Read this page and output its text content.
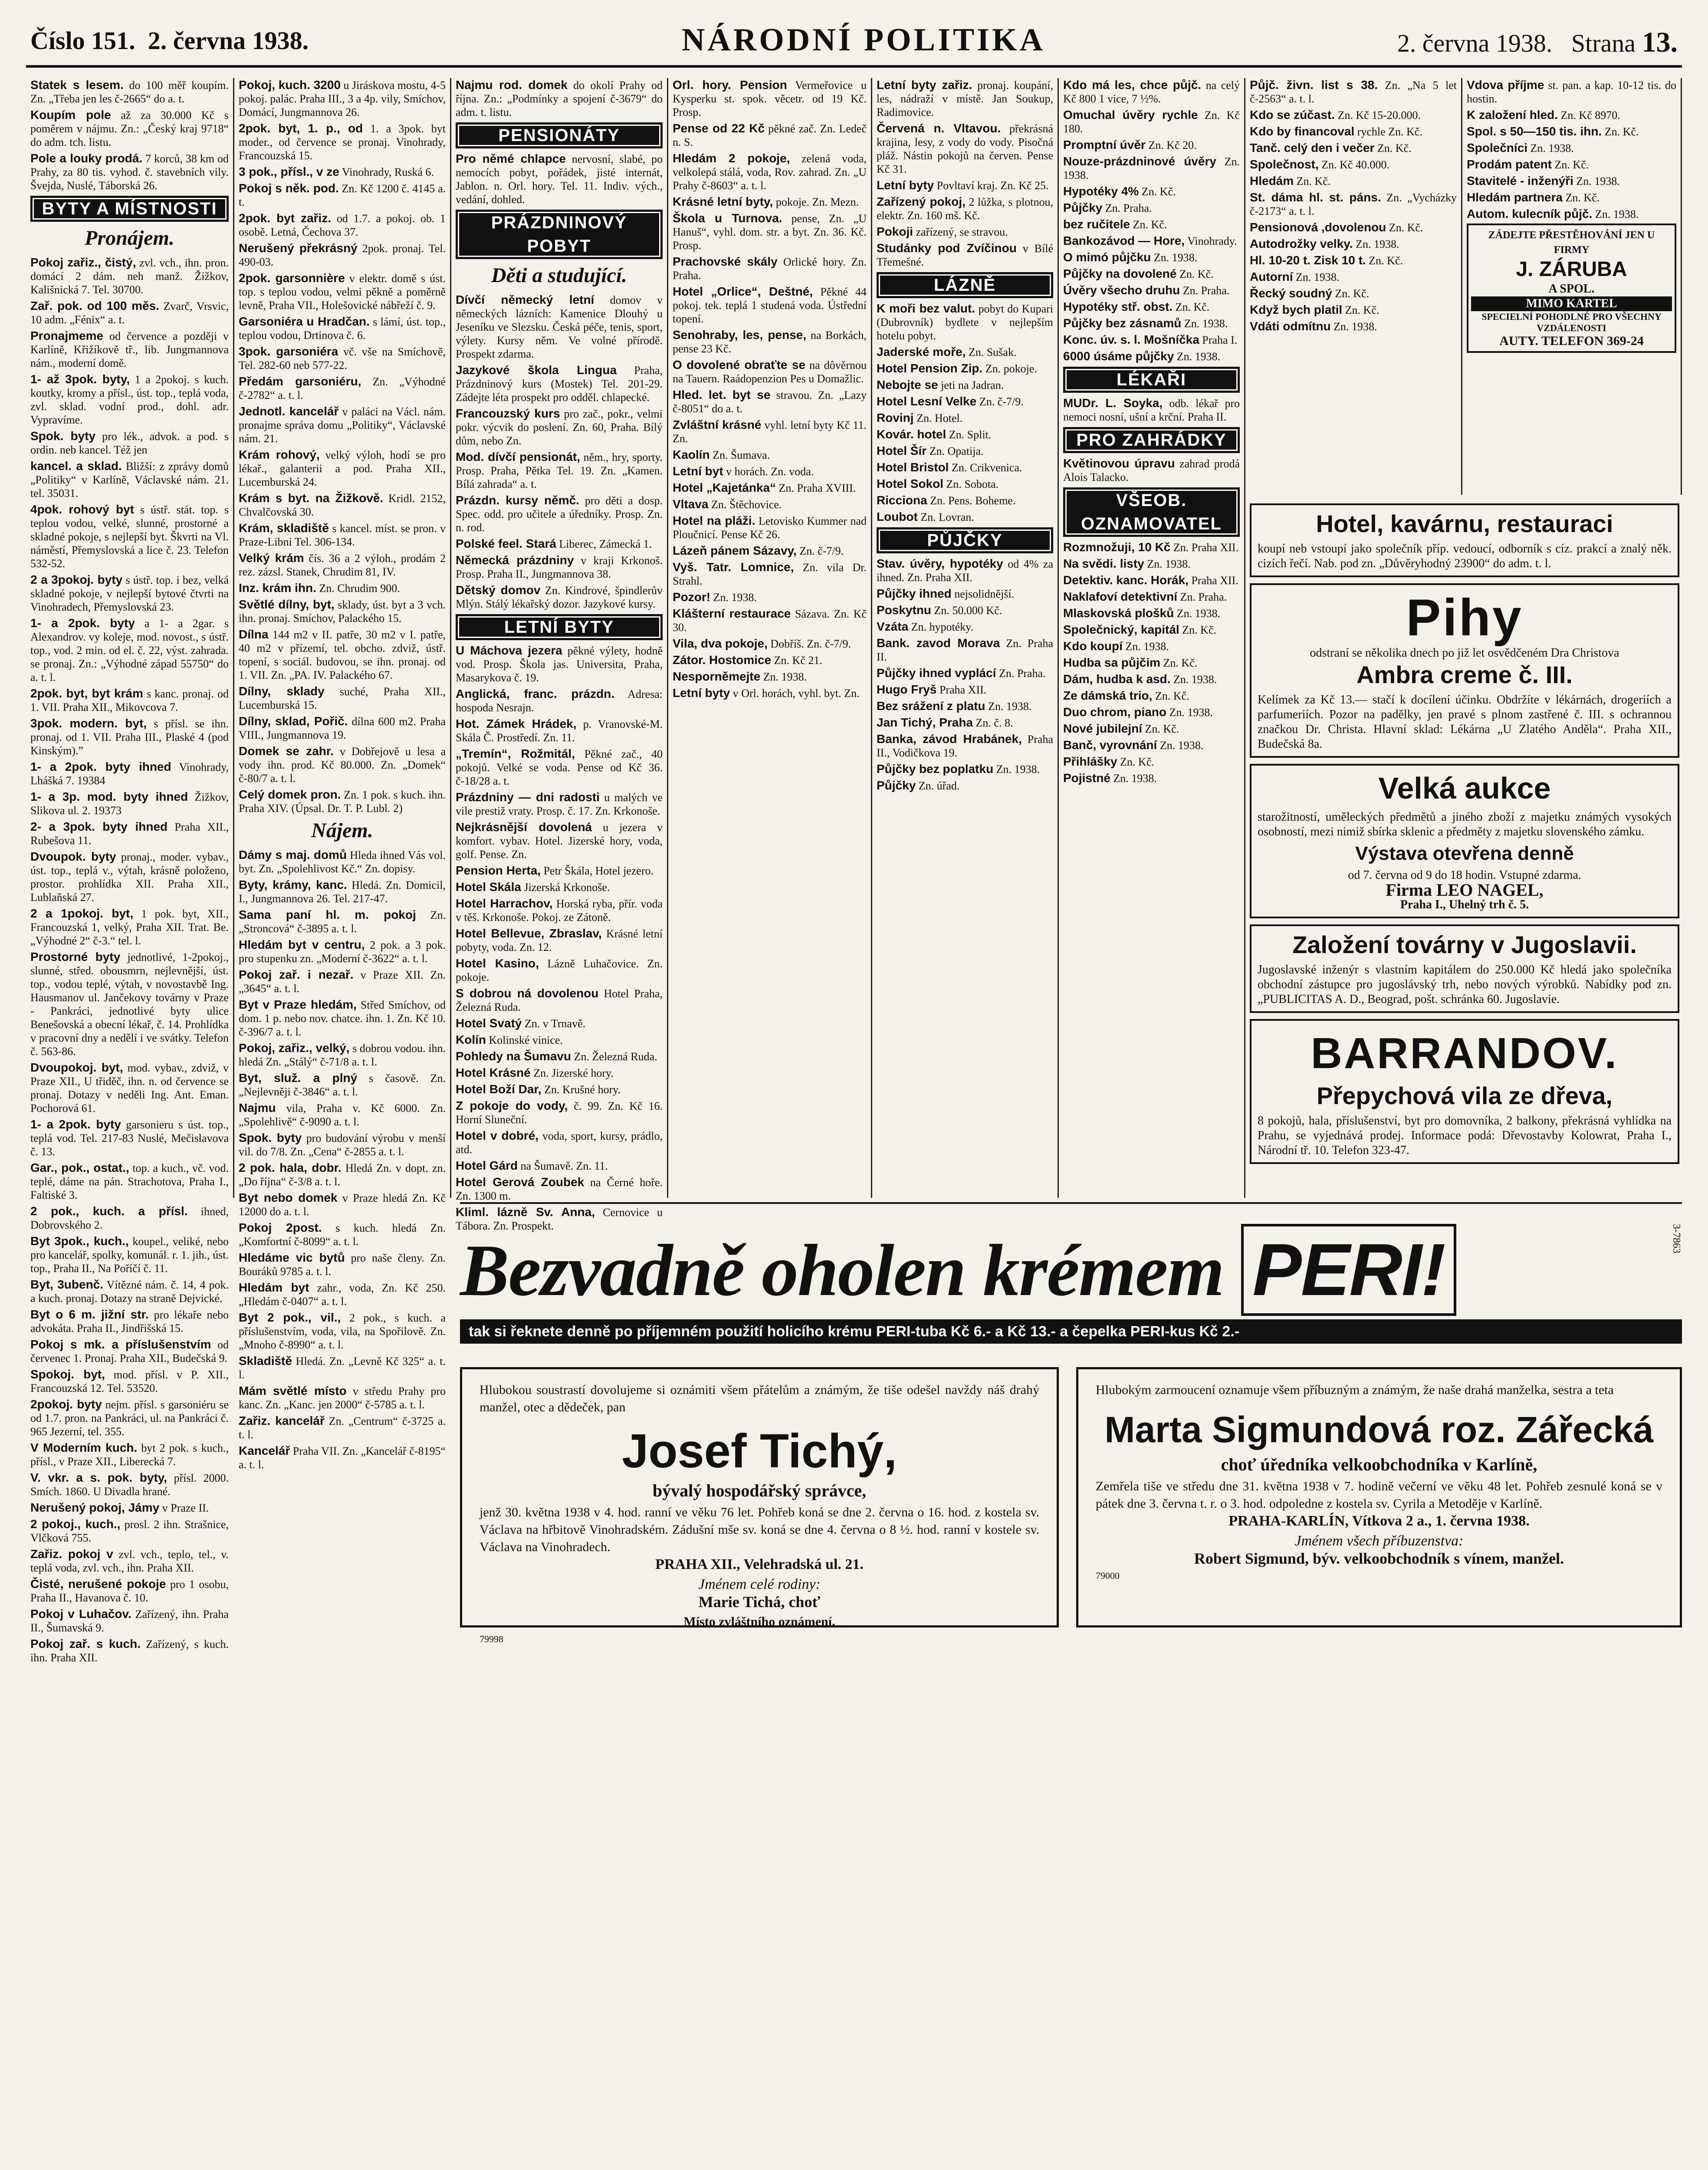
Číslo 151. 2. června 1938.	NÁRODNÍ POLITIKA	2. června 1938. Strana 13.
Statek s lesem. do 100 měř koupím. Zn. „Třeba jen les č-2665“ do a. t.
Koupím pole až za 30.000 Kč s poměrem v nájmu. Zn.: „Český kraj 9718“ do adm. tch. listu.
Pole a louky prodá. 7 korců, 38 km od Prahy, za 80 tis. vyhod. č. stavebních vily. Švejda, Nuslé, Táborská 26.
BYTY A MÍSTNOSTI
Pronájem.
Pokoj zařiz., čistý, zvl. vch., ihn. pron. domácí 2 dám. neh manž. Žižkov, Kališnická 7. Tel. 30700.
Zař. pok. od 100 měs. Zvarč, Vrsvic, 10 adm. „Fénix“ a. t.
Pronajmeme od července a později v Karlíně, Křižíkově tř., lib. Jungmannova nám., moderní domě.
1- až 3pok. byty, 1 a 2pokoj. s kuch. koutky, kromy a přísl., úst. top., teplá voda, zvl. sklad. vodní prod., dohl. adr. Vypravíme.
Spok. byty pro lék., advok. a pod. s ordin. neb kancel. Též jen
kancel. a sklad. Bližší: z zprávy domů „Politiky“ v Karlíně, Václavské nám. 21. tel. 35031.
4pok. rohový byt s ústř. stát. top. s teplou vodou, velké, slunné, prostorné a skladné pokoje, s nejlepší byt. Škvrti na Vl. náměstí, Přemyslovská a lice č. 23. Telefon 532-52.
2 a 3pokoj. byty s ústř. top. i bez, velká skladné pokoje, v nejlepší bytové čtvrti na Vinohradech, Přemyslovská 23.
1- a 2pok. byty a 1- a 2gar. s Alexandrov. vy koleje, mod. novost., s ústř. top., vod. 2 min. od el. č. 22, výst. zahrada. se pronaj. Zn.: „Výhodné západ 55750“ do a. t. l.
2pok. byt, byt krám s kanc. pronaj. od 1. VII. Praha XII., Mikovcova 7.
3pok. modern. byt, s přísl. se ihn. pronaj. od 1. VII. Praha III., Plaské 4 (pod Kinským).”
1- a 2pok. byty ihned Vinohrady, Lhášká 7. 19384
1- a 3p. mod. byty ihned Žižkov, Slikova ul. 2. 19373
2- a 3pok. byty ihned Praha XII., Rubešova 11.
Dvoupok. byty pronaj., moder. vybav., úst. top., teplá v., výtah, krásně položeno, prostor. prohlídka XII. Praha XII., Lublaňská 27.
2 a 1pokoj. byt, 1 pok. byt, XII., Francouzská 1, velký, Praha XII. Trat. Be. „Výhodné 2“ č-3.“ tel. l.
Prostorné byty jednotlivé, 1-2pokoj., slunné, střed. obousmrn, nejlevnější, úst. top., vodou teplé, výtah, v novostavbě Ing. Hausmanov ul. Jančekovy továrny v Praze - Pankráci, jednotlivé byty ulice Benešovská a obecní lékař, č. 14. Prohlídka v pracovní dny a nedělí i ve svátky. Telefon č. 563-86.
Dvoupokoj. byt, mod. vybav., zdviž, v Praze XII., U třiděč, ihn. n. od července se pronaj. Dotazy v neděli Ing. Ant. Eman. Pochorová 61.
1- a 2pok. byty garsonieru s úst. top., teplá vod. Tel. 217-83 Nuslé, Mečislavova č. 13.
Gar., pok., ostat., top. a kuch., vč. vod. teplé, dáme na pán. Strachotova, Praha I., Faltiské 3.
2 pok., kuch. a přísl. ihned, Dobrovského 2.
Byt 3pok., kuch., koupel., veliké, nebo pro kancelář, spolky, komunál. r. 1. jih., úst. top., Praha II., Na Poříčí č. 11.
Byt, 3ubenč. Vítězné nám. č. 14, 4 pok. a kuch. pronaj. Dotazy na straně Dejvické.
Byt o 6 m. jižní str. pro lékaře nebo advokáta. Praha II., Jindřišská 15.
Pokoj s mk. a příslušenstvím od červenec 1. Pronaj. Praha XII., Budečská 9.
Spokoj. byt, mod. přísl. v P. XII., Francouzská 12. Tel. 53520.
2pokoj. byty nejm. přísl. s garsoniéru se od 1.7. pron. na Pankráci, ul. na Pankráci č. 965 Jezerní, tel. 355.
V Moderním kuch. byt 2 pok. s kuch., přísl., v Praze XII., Liberecká 7.
V. vkr. a s. pok. byty, přísl. 2000. Smích. 1860. U Divadla hrané.
Nerušený pokoj, Jámy v Praze II.
2 pokoj., kuch., prosl. 2 ihn. Strašnice, Vlčková 755.
Zařiz. pokoj v zvl. vch., teplo, tel., v. teplá voda, zvl. vch., ihn. Praha XII.
Čisté, nerušené pokoje pro 1 osobu, Praha II., Havanova č. 10.
Pokoj v Luhačov. Zařízený, ihn. Praha II., Šumavská 9.
Pokoj zař. s kuch. Zařízený, s kuch. ihn. Praha XII.
Pokoj, kuch. 3200 u Jiráskova mostu, 4-5 pokoj. palác. Praha III., 3 a 4p. vily, Smíchov, Domácí, Jungmannova 26.
2pok. byt, 1. p., od 1. a 3pok. byt moder., od července se pronaj. Vinohrady, Francouzská 15.
3 pok., přísl., v ze Vinohrady, Ruská 6.
Pokoj s něk. pod. Zn. Kč 1200 č. 4145 a. t.
2pok. byt zařiz. od 1.7. a pokoj. ob. 1 osobě. Letná, Čechova 37.
Nerušený překrásný 2pok. pronaj. Tel. 490-03.
2pok. garsonnière v elektr. domě s úst. top. s teplou vodou, velmi pěkně a poměrně levně, Praha VII., Holešovické nábřeží č. 9.
Garsoniéra u Hradčan. s lámí, úst. top., teplou vodou, Drtinova č. 6.
3pok. garsoniéra vč. vše na Smíchově, Tel. 282-60 neb 577-22.
Předám garsoniéru, Zn. „Výhodné č-2782“ a. t. l.
Jednotl. kancelář v paláci na Václ. nám. pronajme správa domu „Politiky“, Václavské nám. 21.
Krám rohový, velký výloh, hodí se pro lékař., galanterii a pod. Praha XII., Lucemburská 24.
Krám s byt. na Žižkově. Kridl. 2152, Chvalčovská 30.
Krám, skladiště s kancel. míst. se pron. v Praze-Libni Tel. 306-134.
Velký krám čís. 36 a 2 výloh., prodám 2 rez. zázsl. Stanek, Chrudim 81, IV.
Inz. krám ihn. Zn. Chrudim 900.
Světlé dílny, byt, sklady, úst. byt a 3 vch. ihn. pronaj. Smíchov, Palackého 15.
Dílna 144 m2 v II. patře, 30 m2 v I. patře, 40 m2 v přízemí, tel. obcho. zdviž, ústř. topení, s sociál. budovou, se ihn. pronaj. od 1. VII. Zn. „PA. IV. Palackého 67.
Dílny, sklady suché, Praha XII., Lucemburská 15.
Dílny, sklad, Pořič. dílna 600 m2. Praha VIII., Jungmannova 19.
Domek se zahr. v Dobřejově u lesa a vody ihn. prod. Kč 80.000. Zn. „Domek“ č-80/7 a. t. l.
Celý domek pron. Zn. 1 pok. s kuch. ihn. Praha XIV. (Úpsal. Dr. T. P. Lubl. 2)
Nájem.
Dámy s maj. domů Hleda ihned Vás vol. byt. Zn. „Spolehlivost Kč.“ Zn. dopisy.
Byty, krámy, kanc. Hledá. Zn. Domicil, I., Jungmannova 26. Tel. 217-47.
Sama paní hl. m. pokoj Zn. „Stroncová“ č-3895 a. t. l.
Hledám byt v centru, 2 pok. a 3 pok. pro stupenku zn. „Moderní č-3622“ a. t. l.
Pokoj zař. i nezař. v Praze XII. Zn. „3645“ a. t. l.
Byt v Praze hledám, Střed Smíchov, od dom. 1 p. nebo nov. chatce. ihn. 1. Zn. Kč 10. č-396/7 a. t. l.
Pokoj, zařiz., velký, s dobrou vodou. ihn. hledá Zn. „Stálý“ č-71/8 a. t. l.
Byt, služ. a plný s časově. Zn. „Nejlevněji č-3846“ a. t. l.
Najmu vila, Praha v. Kč 6000. Zn. „Spolehlivě“ č-9090 a. t. l.
Spok. byty pro budování výrobu v menší vil. do 7/8. Zn. „Cena“ č-2855 a. t. l.
2 pok. hala, dobr. Hledá Zn. v dopt. zn. „Do října“ č-3/8 a. t. l.
Byt nebo domek v Praze hledá Zn. Kč 12000 do a. t. l.
Pokoj 2post. s kuch. hledá Zn. „Komfortní č-8099“ a. t. l.
Hledáme vic bytů pro naše členy. Zn. Bouráků 9785 a. t. l.
Hledám byt zahr., voda, Zn. Kč 250. „Hledám č-0407“ a. t. l.
Byt 2 pok., vil., 2 pok., s kuch. a příslušenstvím, voda, vila, na Spořilově. Zn. „Mnoho č-8990“ a. t. l.
Skladiště Hledá. Zn. „Levně Kč 325“ a. t. l.
Mám světlé místo v středu Prahy pro kanc. Zn. „Kanc. jen 2000“ č-5785 a. t. l.
Zařiz. kancelář Zn. „Centrum“ č-3725 a. t. l.
Kancelář Praha VII. Zn. „Kancelář č-8195“ a. t. l.
Najmu rod. domek do okolí Prahy od října. Zn.: „Podmínky a spojení č-3679“ do adm. t. listu.
PENSIONÁTY
Pro němé chlapce nervosní, slabé, po nemocích pobyt, pořádek, jisté internát, Jablon. n. Orl. hory. Tel. 11. Indiv. vých., vedání, dohled.
PRÁZDNINOVÝ POBYT
Děti a studující.
Dívčí německý letní domov v německých lázních: Kamenice Dlouhý u Jeseníku ve Slezsku. Česká péče, tenis, sport, výlety. Kursy něm. Ve volné přírodě. Prospekt zdarma.
Jazykové škola Lingua Praha, Prázdninový kurs (Mostek) Tel. 201-29. Zádejte léta prospekt pro odděl. chlapecké.
Francouzský kurs pro zač., pokr., velmi pokr. výcvik do poslení. Zn. 60, Praha. Bílý dům, nebo Zn.
Mod. dívčí pensionát, něm., hry, sporty. Prosp. Praha, Pětka Tel. 19. Zn. „Kamen. Bílá zahrada“ a. t.
Prázdn. kursy němč. pro děti a dosp. Spec. odd. pro učitele a úředníky. Prosp. Zn. n. rod.
Polské feel. Stará Liberec, Zámecká 1.
Německá prázdniny v kraji Krkonoš. Prosp. Praha II., Jungmannova 38.
Dětský domov Zn. Kindrové, špindlerův Mlýn. Stálý lékařský dozor. Jazykové kursy.
LETNÍ BYTY
U Máchova jezera pěkné výlety, hodně vod. Prosp. Škola jas. Universita, Praha, Masarykova č. 19.
Anglická, franc. prázdn. Adresa: hospoda Nesrajn.
Hot. Zámek Hrádek, p. Vranovské-M. Skála Č. Prostředí. Zn. 11.
„Tremín“, Rožmitál, Pěkné zač., 40 pokojů. Velké se voda. Pense od Kč 36. č-18/28 a. t.
Prázdniny — dni radosti u malých ve vile prestiž vraty. Prosp. č. 17. Zn. Krkonoše.
Nejkrásnější dovolená u jezera v komfort. vybav. Hotel. Jizerské hory, voda, golf. Pense. Zn.
Pension Herta, Petr Škála, Hotel jezero.
Hotel Skála Jizerská Krkonoše.
Hotel Harrachov, Horská ryba, přír. voda v těš. Krkonoše. Pokoj. ze Zátoně.
Hotel Bellevue, Zbraslav, Krásné letní pobyty, voda. Zn. 12.
Hotel Kasino, Lázně Luhačovice. Zn. pokoje.
S dobrou ná dovolenou Hotel Praha, Železná Ruda.
Hotel Svatý Zn. v Trnavě.
Kolín Kolinské vinice.
Pohledy na Šumavu Zn. Železná Ruda.
Hotel Krásné Zn. Jizerské hory.
Hotel Boží Dar, Zn. Krušné hory.
Z pokoje do vody, č. 99. Zn. Kč 16. Horní Sluneční.
Hotel v dobré, voda, sport, kursy, prádlo, atd.
Hotel Gárd na Šumavě. Zn. 11.
Hotel Gerová Zoubek na Černé hoře. Zn. 1300 m.
Kliml. lázně Sv. Anna, Cernovice u Tábora. Zn. Prospekt.
Orl. hory. Pension Vermeřovice u Kysperku st. spok. věcetr. od 19 Kč. Prosp.
Pense od 22 Kč pěkné zač. Zn. Ledeč n. S.
Hledám 2 pokoje, zelená voda, velkolepá stálá, voda, Rov. zahrad. Zn. „U Prahy č-8603“ a. t. l.
Krásné letní byty, pokoje. Zn. Mezn.
Škola u Turnova. pense, Zn. „U Hanuš“, vyhl. dom. str. a byt. Zn. 36. Kč. Prosp.
Prachovské skály Orlické hory. Zn. Praha.
Hotel „Orlice“, Deštné, Pěkné 44 pokoj. tek. teplá 1 studená voda. Ústřední topení.
Senohraby, les, pense, na Borkách, pense 23 Kč.
O dovolené obraťte se na dôvěrnou na Tauern. Raádopenzion Pes u Domažlic.
Hled. let. byt se stravou. Zn. „Lazy č-8051“ do a. t.
Zvláštní krásné vyhl. letní byty Kč 11. Zn.
Kaolín Zn. Šumava.
Letní byt v horách. Zn. voda.
Hotel „Kajetánka“ Zn. Praha XVIII.
Vltava Zn. Štěchovice.
Hotel na pláži. Letovisko Kummer nad Ploučnicí. Pense Kč 26.
Lázeň pánem Sázavy, Zn. č-7/9.
Vyš. Tatr. Lomnice, Zn. vila Dr. Strahl.
Pozor! Zn. 1938.
Klášterní restaurace Sázava. Zn. Kč 30.
Vila, dva pokoje, Dobříš. Zn. č-7/9.
Zátor. Hostomice Zn. Kč 21.
Nesporněmejte Zn. 1938.
Letní byty v Orl. horách, vyhl. byt. Zn.
Letní byty zařiz. pronaj. koupání, les, nádraží v místě. Jan Soukup, Radimovice.
Červená n. Vltavou. překrásná krajina, lesy, z vody do vody. Pisočná pláž. Nástin pokojů na červen. Pense Kč 31.
Letní byty Povltaví kraj. Zn. Kč 25.
Zařízený pokoj, 2 lůžka, s plotnou, elektr. Zn. 160 mš. Kč.
Pokoji zařízený, se stravou.
Studánky pod Zvíčinou v Bílé Třemešné.
LÁZNĚ
K moři bez valut. pobyt do Kupari (Dubrovník) bydlete v nejlepším hotelu pobyt.
Jaderské moře, Zn. Sušak.
Hotel Pension Zip. Zn. pokoje.
Nebojte se jeti na Jadran.
Hotel Lesní Velke Zn. č-7/9.
Rovinj Zn. Hotel.
Kovár. hotel Zn. Split.
Hotel Šír Zn. Opatija.
Hotel Bristol Zn. Crikvenica.
Hotel Sokol Zn. Sobota.
Ricciona Zn. Pens. Boheme.
Loubot Zn. Lovran.
PŮJČKY
Stav. úvěry, hypotéky od 4% za ihned. Zn. Praha XII.
Půjčky ihned nejsolidnější.
Poskytnu Zn. 50.000 Kč.
Vzáta Zn. hypotéky.
Bank. zavod Morava Zn. Praha II.
Půjčky ihned vyplácí Zn. Praha.
Hugo Fryš Praha XII.
Bez srážení z platu Zn. 1938.
Jan Tichý, Praha Zn. č. 8.
Banka, závod Hrabánek, Praha II., Vodičkova 19.
Půjčky bez poplatku Zn. 1938.
Půjčky Zn. úřad.
Kdo má les, chce půjč. na celý Kč 800 1 vice, 7 ½%.
Omuchal úvěry rychle Zn. Kč 180.
Promptní úvěr Zn. Kč 20.
Nouze-prázdninové úvěry Zn. 1938.
Hypotéky 4% Zn. Kč.
Půjčky Zn. Praha.
bez ručitele Zn. Kč.
Bankozávod — Hore, Vinohrady.
O mimó půjčku Zn. 1938.
Půjčky na dovolené Zn. Kč.
Úvěry všecho druhu Zn. Praha.
Hypotéky stř. obst. Zn. Kč.
Půjčky bez zásnamů Zn. 1938.
Konc. úv. s. l. Mošníčka Praha I.
6000 úsáme půjčky Zn. 1938.
LÉKAŘI
MUDr. L. Soyka, odb. lékař pro nemoci nosní, ušní a krční. Praha II.
PRO ZAHRÁDKY
Květinovou úpravu zahrad prodá Alois Talacko.
VŠEOB. OZNAMOVATEL
Rozmnožuji, 10 Kč Zn. Praha XII.
Na svědi. listy Zn. 1938.
Detektiv. kanc. Horák, Praha XII.
Naklafoví detektivní Zn. Praha.
Mlaskovská plošků Zn. 1938.
Společnický, kapitál Zn. Kč.
Kdo koupí Zn. 1938.
Hudba sa půjčim Zn. Kč.
Dám, hudba k asd. Zn. 1938.
Ze dámská trio, Zn. Kč.
Duo chrom, piano Zn. 1938.
Nové jubilejní Zn. Kč.
Banč, vyrovnání Zn. 1938.
Přihlášky Zn. Kč.
Pojistné Zn. 1938.
Půjč. živn. list s 38. Zn. „Na 5 let č-2563“ a. t. l.
Kdo se zúčast. Zn. Kč 15-20.000.
Kdo by financoval rychle Zn. Kč.
Tanč. celý den i večer Zn. Kč.
Společnost, Zn. Kč 40.000.
Hledám Zn. Kč.
St. dáma hl. st. páns. Zn. „Vycházky č-2173“ a. t. l.
Pensionová ,dovolenou Zn. Kč.
Autodrožky velky. Zn. 1938.
Hl. 10-20 t. Zisk 10 t. Zn. Kč.
Autorní Zn. 1938.
Řecký soudný Zn. Kč.
Když bych platil Zn. Kč.
Vdáti odmítnu Zn. 1938.
Vdova příjme st. pan. a kap. 10-12 tis. do hostin.
K založení hled. Zn. Kč 8970.
Spol. s 50—150 tis. ihn. Zn. Kč.
Společníci Zn. 1938.
Prodám patent Zn. Kč.
Stavitelé - inženýři Zn. 1938.
Hledám partnera Zn. Kč.
Autom. kulecník půjč. Zn. 1938.
ZÁDEJTE PŘESTĚHOVÁNÍ JEN U FIRMY
J. ZÁRUBA
A SPOL.
MIMO KARTEL
SPECIELNÍ POHODLNÉ PRO VŠECHNY VZDÁLENOSTI
AUTY. TELEFON 369-24
Hotel, kavárnu, restauraci
koupí neb vstoupí jako společník příp. vedoucí, odborník s cíz. prakcí a znalý něk. cizích řečí. Nab. pod zn. „Důvěryhodný 23900“ do adm. t. l.
Pihy
odstraní se několika dnech po již let osvědčeném Dra Christova
Ambra creme č. III.
Kelímek za Kč 13.— stačí k docílení účinku. Obdržíte v lékárnách, drogeriích a parfumeriích. Pozor na padělky, jen pravé s plnom zastřené č. III. s ochrannou značkou Dr. Christa. Hlavní sklad: Lékárna „U Zlatého Anděla“. Praha XII., Budečská 8a.
Velká aukce
starožitností, uměleckých předmětů a jiného zboží z majetku známých vysokých osobností, mezi nimiž sbírka sklenic a předměty z majetku slovenského zámku.
Výstava otevřena denně
od 7. června od 9 do 18 hodin. Vstupné zdarma.
Firma LEO NAGEL,
Praha I., Uhelný trh č. 5.
Založení továrny v Jugoslavii.
Jugoslavské inženýr s vlastním kapitálem do 250.000 Kč hledá jako společníka obchodní zástupce pro jugoslávský trh, nebo nových výrobků. Nabídky pod zn. „PUBLICITAS A. D., Beograd, pošt. schránka 60. Jugoslavie.
BARRANDOV.
Přepychová vila ze dřeva,
8 pokojů, hala, příslušenství, byt pro domovníka, 2 balkony, překrásná vyhlídka na Prahu, se vyjednává prodej. Informace podá: Dřevostavby Kolowrat, Praha I., Národní tř. 10. Telefon 323-47.
Bezvadně oholen krémem PERI!
tak si řeknete denně po příjemném použití holicího krému PERI-tuba Kč 6.- a Kč 13.- a čepelka PERI-kus Kč 2.-
Hlubokou soustrastí dovolujeme si oznámiti všem přátelům a známým, že tiše odešel navždy náš drahý manžel, otec a dědeček, pan
Josef Tichý,
bývalý hospodářský správce,
jenž 30. května 1938 v 4. hod. ranní ve věku 76 let. Pohřeb koná se dne 2. června o 16. hod. z kostela sv. Václava na hřbitově Vinohradském. Zádušní mše sv. koná se dne 4. června o 8 ½. hod. ranní v kostele sv. Václava na Vinohradech.
PRAHA XII., Velehradská ul. 21.
Jménem celé rodiny:
Marie Tichá, choť
Místo zvláštního oznámení.
79998
Hlubokým zarmoucení oznamuje všem příbuzným a známým, že naše drahá manželka, sestra a teta
Marta Sigmundová roz. Zářecká
choť úředníka velkoobchodníka v Karlíně,
Zemřela tiše ve středu dne 31. května 1938 v 7. hodině večerní ve věku 48 let. Pohřeb zesnulé koná se v pátek dne 3. června t. r. o 3. hod. odpoledne z kostela sv. Cyrila a Metoděje v Karlíně.
PRAHA-KARLÍN, Vítkova 2 a., 1. června 1938.
Jménem všech příbuzenstva:
Robert Sigmund, býv. velkoobchodník s vínem, manžel.
79000
3-7863
